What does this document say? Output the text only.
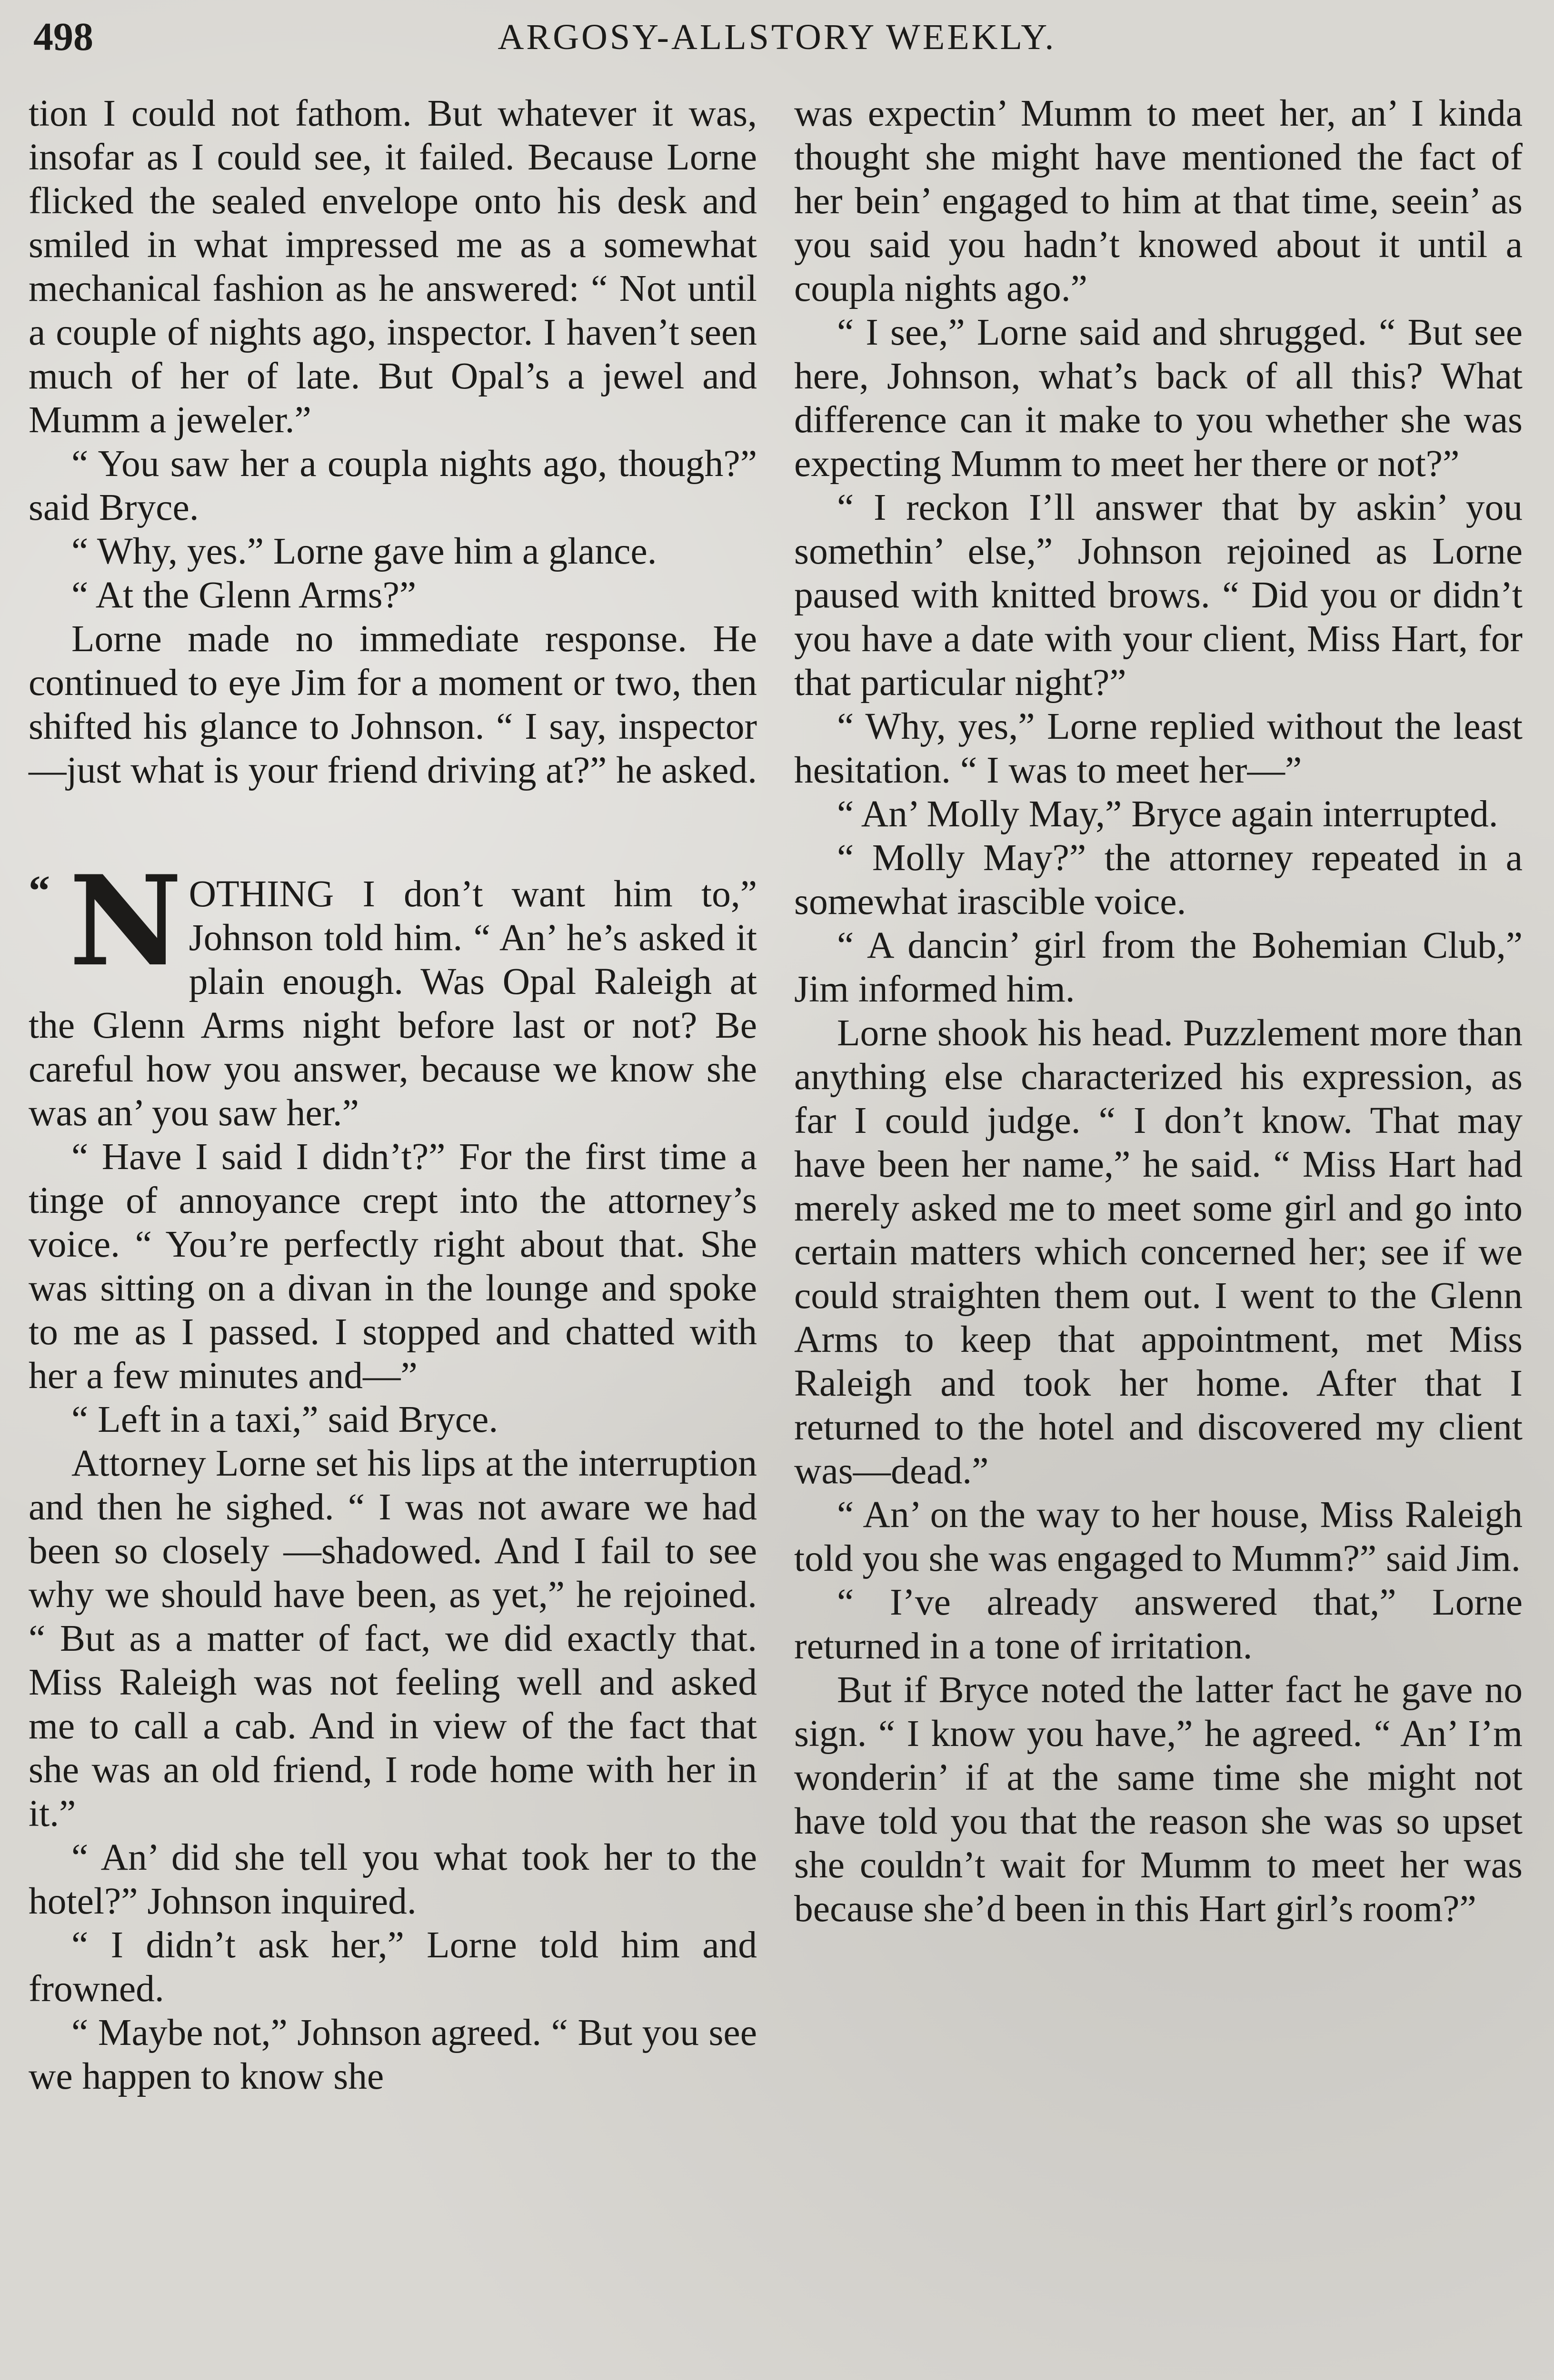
498	ARGOSY-ALLSTORY WEEKLY.

tion I could not fathom. But whatever it was, insofar as I could see, it failed. Because Lorne flicked the sealed envelope onto his desk and smiled in what impressed me as a somewhat mechanical fashion as he answered: “ Not until a couple of nights ago, inspector. I haven’t seen much of her of late. But Opal’s a jewel and Mumm a jeweler.”

“ You saw her a coupla nights ago, though?” said Bryce.

“ Why, yes.” Lorne gave him a glance.

“ At the Glenn Arms?”

Lorne made no immediate response. He continued to eye Jim for a moment or two, then shifted his glance to Johnson. “ I say, inspector—just what is your friend driving at?” he asked.

“ N OTHING I don’t want him to,” Johnson told him. “ An’ he’s asked it plain enough. Was Opal Raleigh at the Glenn Arms night before last or not? Be careful how you answer, because we know she was an’ you saw her.”

“ Have I said I didn’t?” For the first time a tinge of annoyance crept into the attorney’s voice. “ You’re perfectly right about that. She was sitting on a divan in the lounge and spoke to me as I passed. I stopped and chatted with her a few minutes and—”

“ Left in a taxi,” said Bryce.

Attorney Lorne set his lips at the interruption and then he sighed. “ I was not aware we had been so closely —shadowed. And I fail to see why we should have been, as yet,” he rejoined. “ But as a matter of fact, we did exactly that. Miss Raleigh was not feeling well and asked me to call a cab. And in view of the fact that she was an old friend, I rode home with her in it.”

“ An’ did she tell you what took her to the hotel?” Johnson inquired.

“ I didn’t ask her,” Lorne told him and frowned.

“ Maybe not,” Johnson agreed. “ But you see we happen to know she

was expectin’ Mumm to meet her, an’ I kinda thought she might have mentioned the fact of her bein’ engaged to him at that time, seein’ as you said you hadn’t knowed about it until a coupla nights ago.”

“ I see,” Lorne said and shrugged. “ But see here, Johnson, what’s back of all this? What difference can it make to you whether she was expecting Mumm to meet her there or not?”

“ I reckon I’ll answer that by askin’ you somethin’ else,” Johnson rejoined as Lorne paused with knitted brows. “ Did you or didn’t you have a date with your client, Miss Hart, for that particular night?”

“ Why, yes,” Lorne replied without the least hesitation. “ I was to meet her—”

“ An’ Molly May,” Bryce again interrupted.

“ Molly May?” the attorney repeated in a somewhat irascible voice.

“ A dancin’ girl from the Bohemian Club,” Jim informed him.

Lorne shook his head. Puzzlement more than anything else characterized his expression, as far I could judge. “ I don’t know. That may have been her name,” he said. “ Miss Hart had merely asked me to meet some girl and go into certain matters which concerned her; see if we could straighten them out. I went to the Glenn Arms to keep that appointment, met Miss Raleigh and took her home. After that I returned to the hotel and discovered my client was—dead.”

“ An’ on the way to her house, Miss Raleigh told you she was engaged to Mumm?” said Jim.

“ I’ve already answered that,” Lorne returned in a tone of irritation.

But if Bryce noted the latter fact he gave no sign. “ I know you have,” he agreed. “ An’ I’m wonderin’ if at the same time she might not have told you that the reason she was so upset she couldn’t wait for Mumm to meet her was because she’d been in this Hart girl’s room?”
